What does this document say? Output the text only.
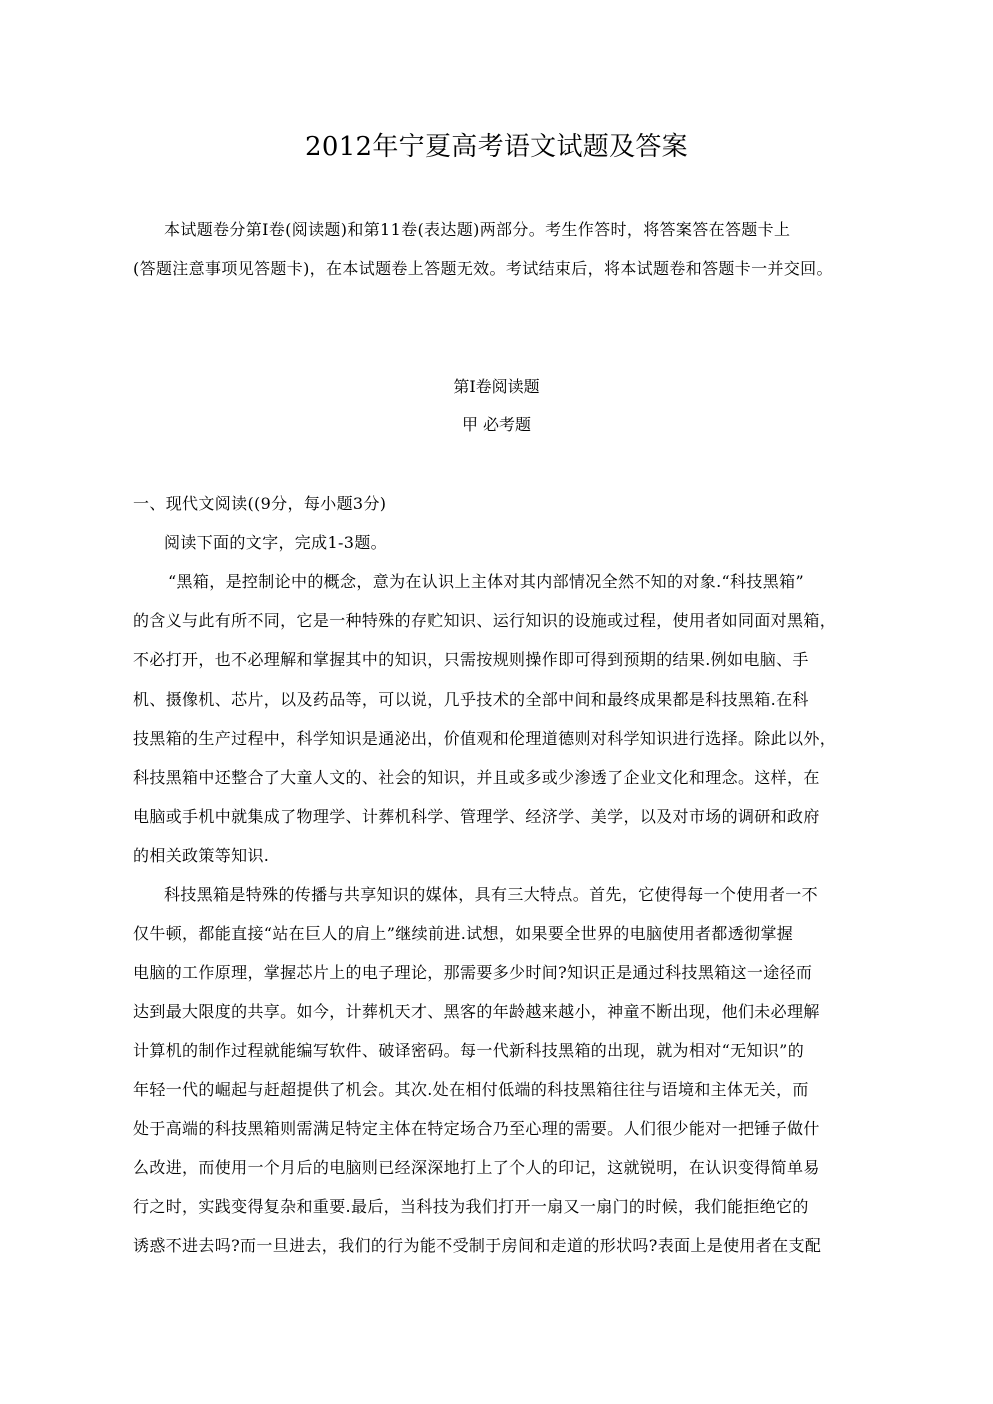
2012年宁夏高考语文试题及答案
本试题卷分第Ⅰ卷(阅读题)和第11卷(表达题)两部分。考生作答时，将答案答在答题卡上
(答题注意事项见答题卡)，在本试题卷上答题无效。考试结束后，将本试题卷和答题卡一并交回。
第Ⅰ卷阅读题
甲 必考题
一、现代文阅读((9分，每小题3分)
阅读下面的文字，完成1-3题。
“黑箱，是控制论中的概念，意为在认识上主体对其内部情况全然不知的对象.“科技黑箱”
的含义与此有所不同，它是一种特殊的存贮知识、运行知识的设施或过程，使用者如同面对黑箱，
不必打开，也不必理解和掌握其中的知识，只需按规则操作即可得到预期的结果.例如电脑、手
机、摄像机、芯片，以及药品等，可以说，几乎技术的全部中间和最终成果都是科技黑箱.在科
技黑箱的生产过程中，科学知识是通泌出，价值观和伦理道德则对科学知识进行选择。除此以外，
科技黑箱中还整合了大童人文的、社会的知识，并且或多或少渗透了企业文化和理念。这样，在
电脑或手机中就集成了物理学、计葬机科学、管理学、经济学、美学，以及对市场的调研和政府
的相关政策等知识.
科技黑箱是特殊的传播与共享知识的媒体，具有三大特点。首先，它使得每一个使用者一不
仅牛顿，都能直接“站在巨人的肩上”继续前进.试想，如果要全世界的电脑使用者都透彻掌握
电脑的工作原理，掌握芯片上的电子理论，那需要多少时间?知识正是通过科技黑箱这一途径而
达到最大限度的共享。如今，计葬机天才、黑客的年龄越来越小，神童不断出现，他们未必理解
计算机的制作过程就能编写软件、破译密码。每一代新科技黑箱的出现，就为相对“无知识”的
年轻一代的崛起与赶超提供了机会。其次.处在相付低端的科技黑箱往往与语境和主体无关，而
处于高端的科技黑箱则需满足特定主体在特定场合乃至心理的需要。人们很少能对一把锤子做什
么改进，而使用一个月后的电脑则已经深深地打上了个人的印记，这就锐明，在认识变得简单易
行之时，实践变得复杂和重要.最后，当科技为我们打开一扇又一扇门的时候，我们能拒绝它的
诱惑不进去吗?而一旦进去，我们的行为能不受制于房间和走道的形状吗?表面上是使用者在支配
